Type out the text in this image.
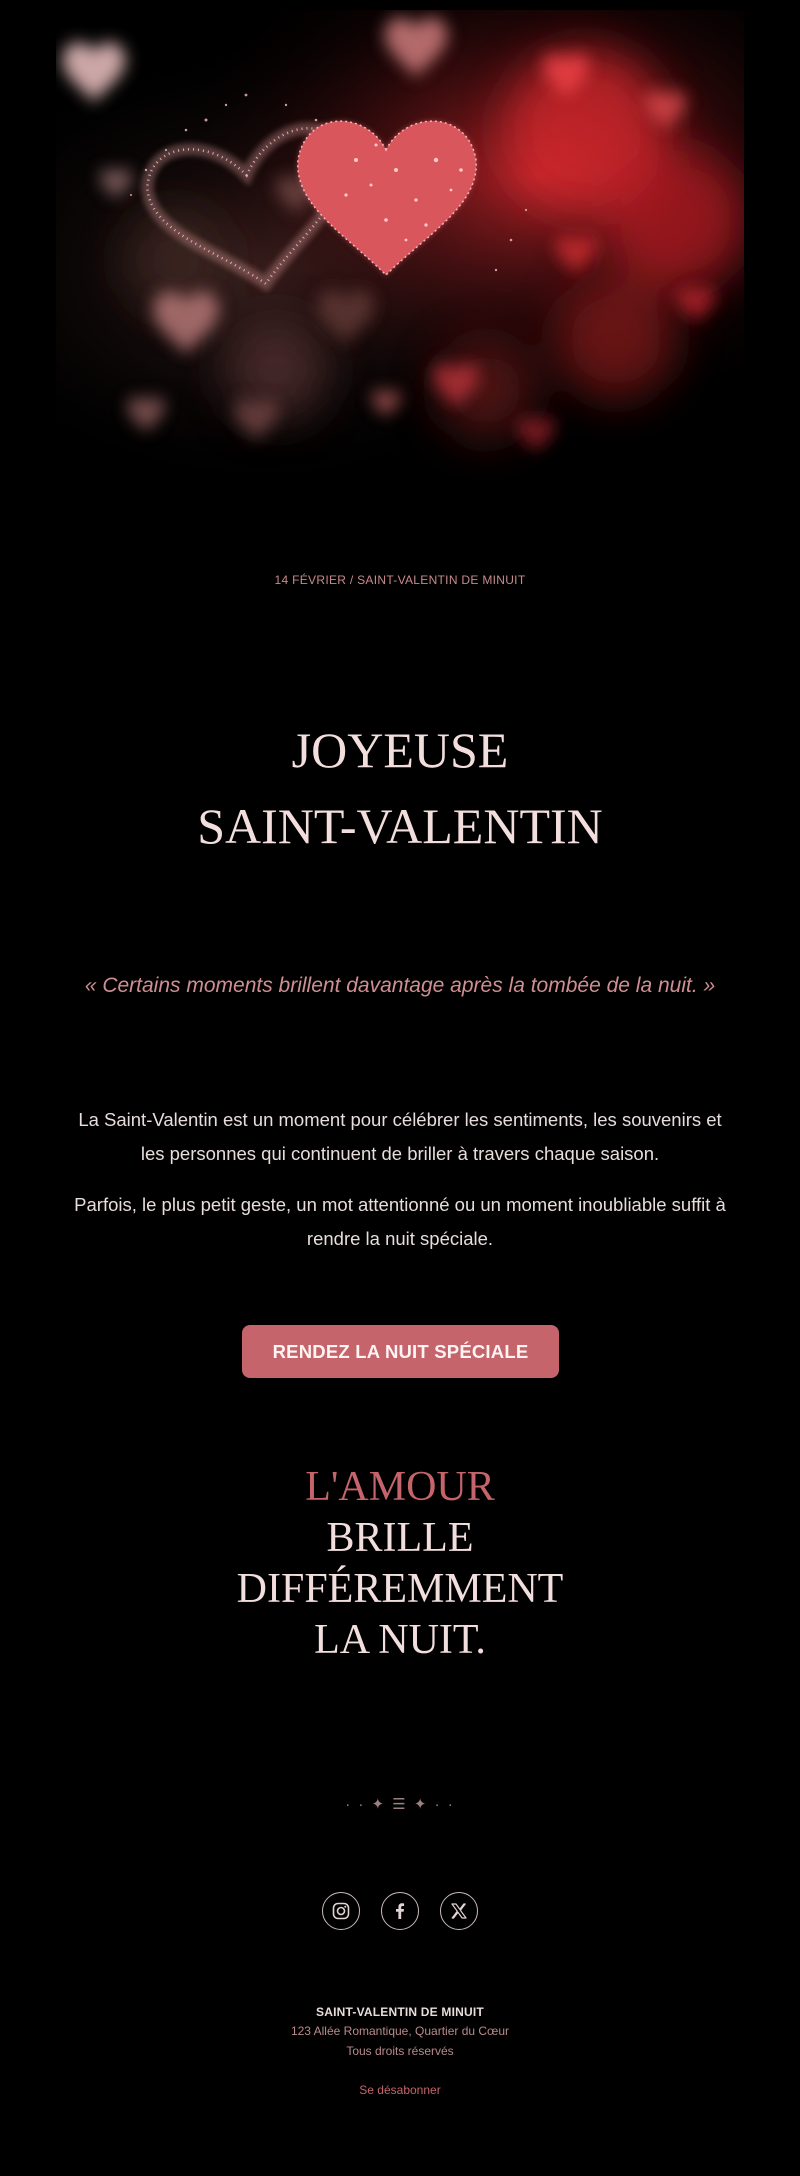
14 FÉVRIER / SAINT-VALENTIN DE MINUIT
JOYEUSE
SAINT-VALENTIN
« Certains moments brillent davantage après la tombée de la nuit. »

La Saint-Valentin est un moment pour célébrer les sentiments, les souvenirs et les personnes qui continuent de briller à travers chaque saison.

Parfois, le plus petit geste, un mot attentionné ou un moment inoubliable suffit à rendre la nuit spéciale.

RENDEZ LA NUIT SPÉCIALE
L'AMOUR
BRILLE
DIFFÉREMMENT
LA NUIT.
· · ✦ ☰ ✦ · ·
SAINT-VALENTIN DE MINUIT
123 Allée Romantique, Quartier du Cœur
Tous droits réservés
Se désabonner
